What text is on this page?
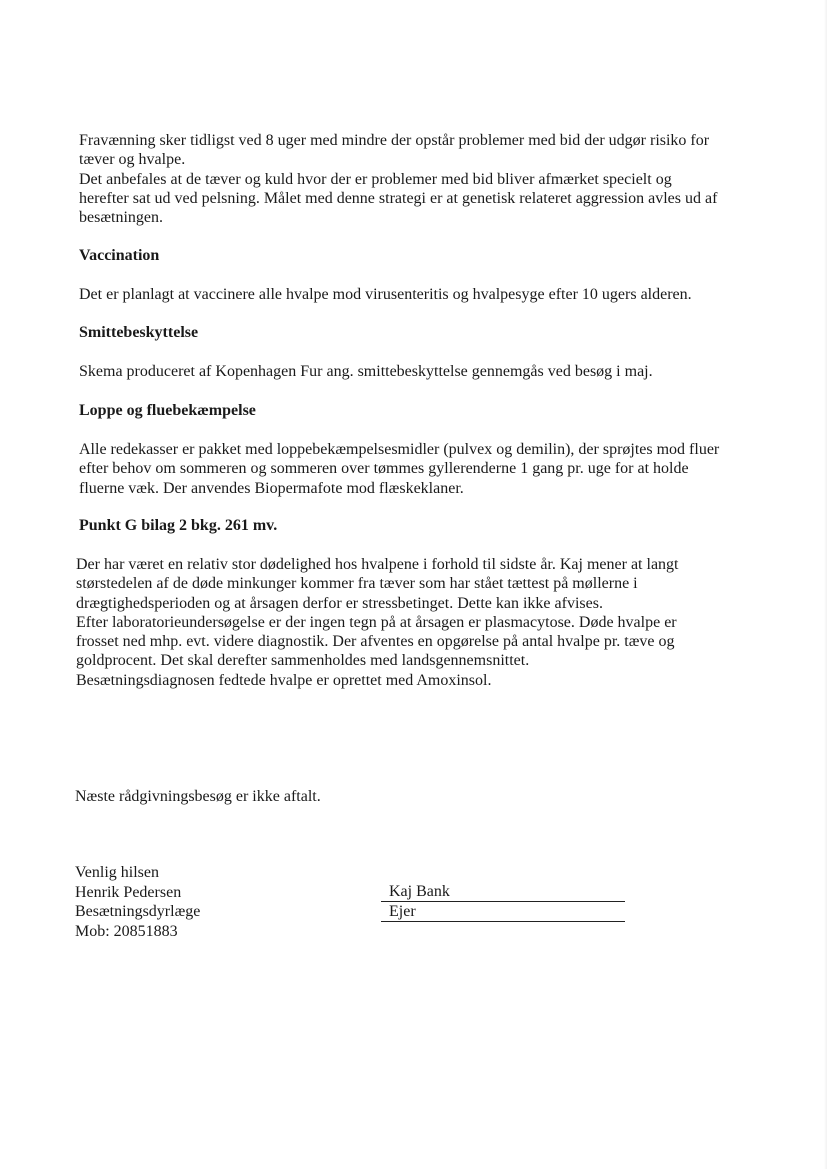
Fravænning sker tidligst ved 8 uger med mindre der opstår problemer med bid der udgør risiko for
tæver og hvalpe.
Det anbefales at de tæver og kuld hvor der er problemer med bid bliver afmærket specielt og
herefter sat ud ved pelsning. Målet med denne strategi er at genetisk relateret aggression avles ud af
besætningen.

Vaccination

Det er planlagt at vaccinere alle hvalpe mod virusenteritis og hvalpesyge efter 10 ugers alderen.

Smittebeskyttelse

Skema produceret af Kopenhagen Fur ang. smittebeskyttelse gennemgås ved besøg i maj.

Loppe og fluebekæmpelse

Alle redekasser er pakket med loppebekæmpelsesmidler (pulvex og demilin), der sprøjtes mod fluer
efter behov om sommeren og sommeren over tømmes gyllerenderne 1 gang pr. uge for at holde
fluerne væk. Der anvendes Biopermafote mod flæskeklaner.

Punkt G bilag 2 bkg. 261 mv.

Der har været en relativ stor dødelighed hos hvalpene i forhold til sidste år. Kaj mener at langt
størstedelen af de døde minkunger kommer fra tæver som har stået tættest på møllerne i
drægtighedsperioden og at årsagen derfor er stressbetinget. Dette kan ikke afvises.
Efter laboratorieundersøgelse er der ingen tegn på at årsagen er plasmacytose. Døde hvalpe er
frosset ned mhp. evt. videre diagnostik. Der afventes en opgørelse på antal hvalpe pr. tæve og
goldprocent. Det skal derefter sammenholdes med landsgennemsnittet.
Besætningsdiagnosen fedtede hvalpe er oprettet med Amoxinsol.

Næste rådgivningsbesøg er ikke aftalt.

Venlig hilsen
Henrik Pedersen
Besætningsdyrlæge
Mob: 20851883
Kaj Bank
Ejer
